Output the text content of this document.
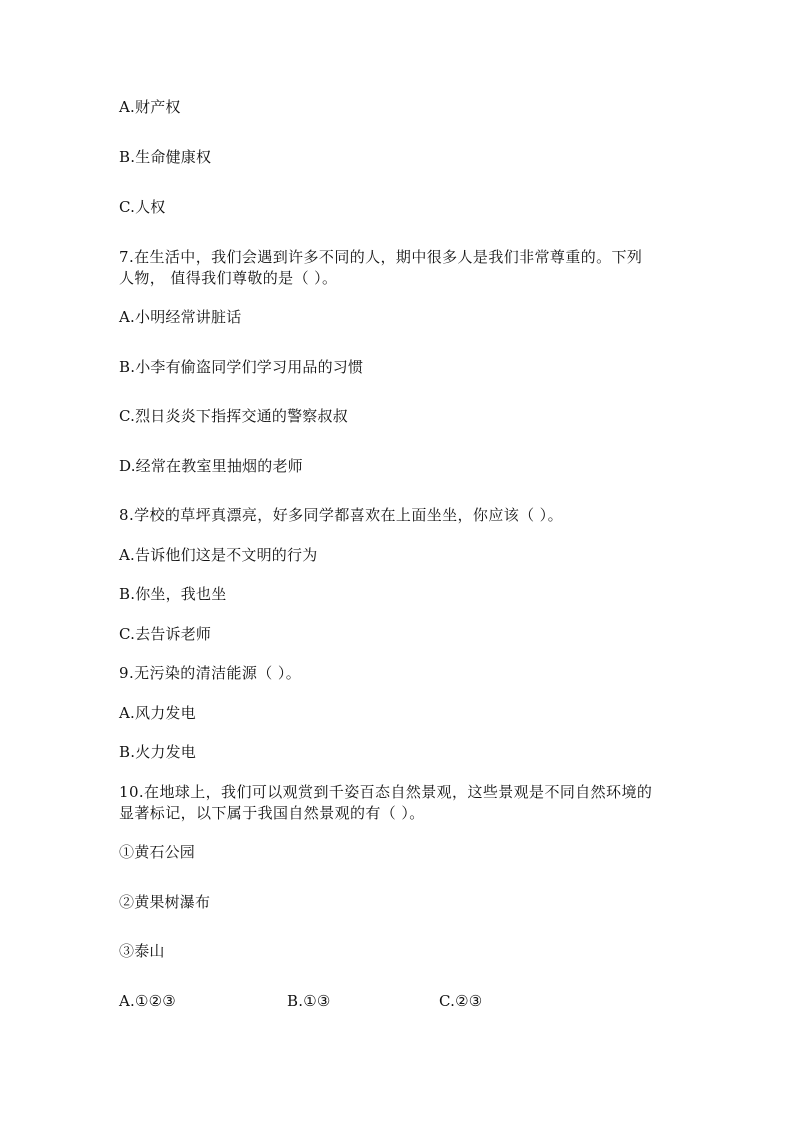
A.财产权
B.生命健康权
C.人权
7.在生活中，我们会遇到许多不同的人，期中很多人是我们非常尊重的。下列
人物， 值得我们尊敬的是（ ）。
A.小明经常讲脏话
B.小李有偷盗同学们学习用品的习惯
C.烈日炎炎下指挥交通的警察叔叔
D.经常在教室里抽烟的老师
8.学校的草坪真漂亮，好多同学都喜欢在上面坐坐，你应该（ ）。
A.告诉他们这是不文明的行为
B.你坐，我也坐
C.去告诉老师
9.无污染的清洁能源（ ）。
A.风力发电
B.火力发电
10.在地球上，我们可以观赏到千姿百态自然景观，这些景观是不同自然环境的
显著标记，以下属于我国自然景观的有（ ）。
①黄石公园
②黄果树瀑布
③泰山
A.①②③	B.①③	C.②③
